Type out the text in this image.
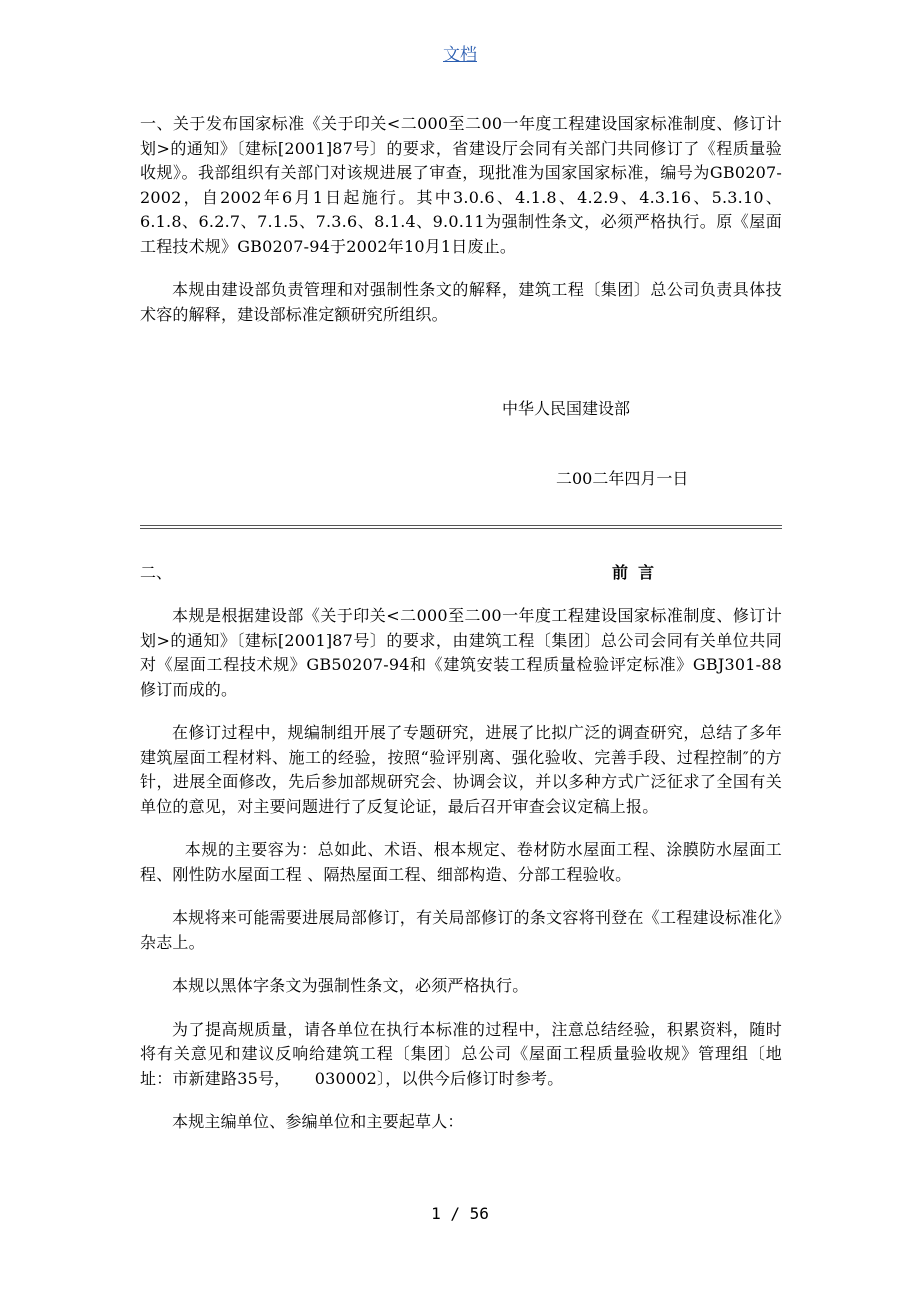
文档

一、关于发布国家标准《关于印关<二000至二00一年度工程建设国家标准制度、修订计划>的通知》〔建标[2001]87号〕的要求，省建设厅会同有关部门共同修订了《程质量验收规》。我部组织有关部门对该规进展了审查，现批准为国家国家标准，编号为GB0207-2002，自2002年6月1日起施行。其中3.0.6、4.1.8、4.2.9、4.3.16、5.3.10、6.1.8、6.2.7、7.1.5、7.3.6、8.1.4、9.0.11为强制性条文，必须严格执行。原《屋面工程技术规》GB0207-94于2002年10月1日废止。

本规由建设部负责管理和对强制性条文的解释，建筑工程〔集团〕总公司负责具体技术容的解释，建设部标准定额研究所组织。

中华人民国建设部
二00二年四月一日
二、	前言

本规是根据建设部《关于印关<二000至二00一年度工程建设国家标准制度、修订计划>的通知》〔建标[2001]87号〕的要求，由建筑工程〔集团〕总公司会同有关单位共同对《屋面工程技术规》GB50207-94和《建筑安装工程质量检验评定标准》GBJ301-88修订而成的。

在修订过程中，规编制组开展了专题研究，进展了比拟广泛的调查研究，总结了多年建筑屋面工程材料、施工的经验，按照“验评别离、强化验收、完善手段、过程控制″的方针，进展全面修改，先后参加部规研究会、协调会议，并以多种方式广泛征求了全国有关单位的意见，对主要问题进行了反复论证，最后召开审查会议定稿上报。

本规的主要容为：总如此、术语、根本规定、卷材防水屋面工程、涂膜防水屋面工程、刚性防水屋面工程 、隔热屋面工程、细部构造、分部工程验收。

本规将来可能需要进展局部修订，有关局部修订的条文容将刊登在《工程建设标准化》杂志上。

本规以黑体字条文为强制性条文，必须严格执行。

为了提高规质量，请各单位在执行本标准的过程中，注意总结经验，积累资料，随时将有关意见和建议反响给建筑工程〔集团〕总公司《屋面工程质量验收规》管理组〔地址：市新建路35号，　　030002〕，以供今后修订时参考。

本规主编单位、参编单位和主要起草人：

1 / 56
